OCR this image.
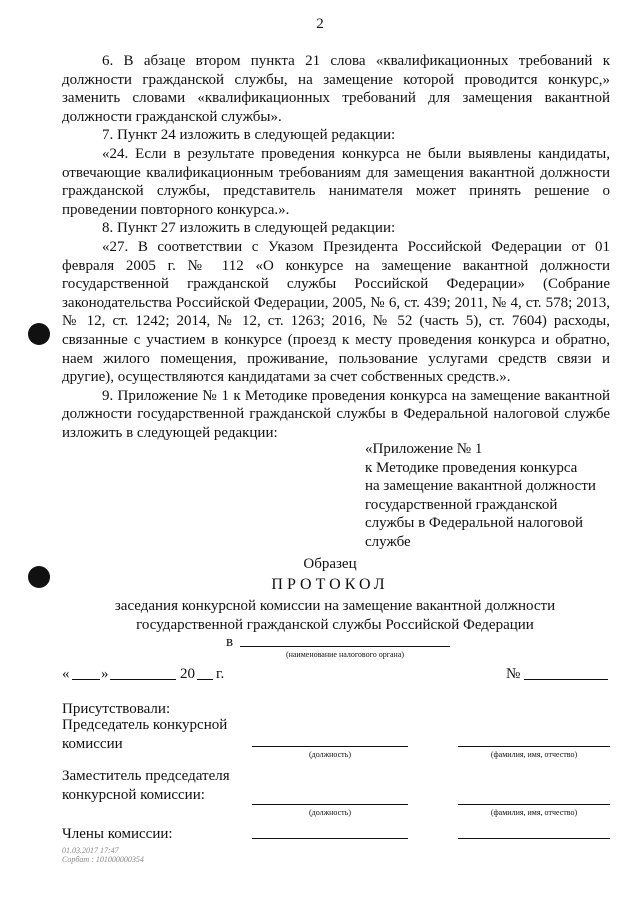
2

6. В абзаце втором пункта 21 слова «квалификационных требований к должности гражданской службы, на замещение которой проводится конкурс,» заменить словами «квалификационных требований для замещения вакантной должности гражданской службы».

7. Пункт 24 изложить в следующей редакции:

«24. Если в результате проведения конкурса не были выявлены кандидаты, отвечающие квалификационным требованиям для замещения вакантной должности гражданской службы, представитель нанимателя может принять решение о проведении повторного конкурса.».

8. Пункт 27 изложить в следующей редакции:

«27. В соответствии с Указом Президента Российской Федерации от 01 февраля 2005 г. № 112 «О конкурсе на замещение вакантной должности государственной гражданской службы Российской Федерации» (Собрание законодательства Российской Федерации, 2005, № 6, ст. 439; 2011, № 4, ст. 578; 2013, № 12, ст. 1242; 2014, № 12, ст. 1263; 2016, № 52 (часть 5), ст. 7604) расходы, связанные с участием в конкурсе (проезд к месту проведения конкурса и обратно, наем жилого помещения, проживание, пользование услугами средств связи и другие), осуществляются кандидатами за счет собственных средств.».

9. Приложение № 1 к Методике проведения конкурса на замещение вакантной должности государственной гражданской службы в Федеральной налоговой службе изложить в следующей редакции:

«Приложение № 1
к Методике проведения конкурса
на замещение вакантной должности
государственной гражданской
службы в Федеральной налоговой
службе
Образец
ПРОТОКОЛ
заседания конкурсной комиссии на замещение вакантной должности
государственной гражданской службы Российской Федерации
в
(наименование налогового органа)
« »	20 г.	№
Присутствовали:
Председатель конкурсной
комиссии
(должность)	(фамилия, имя, отчество)
Заместитель председателя
конкурсной комиссии:
(должность)	(фамилия, имя, отчество)
Члены комиссии:
01.03.2017 17:47
Сорбат : 101000000354
